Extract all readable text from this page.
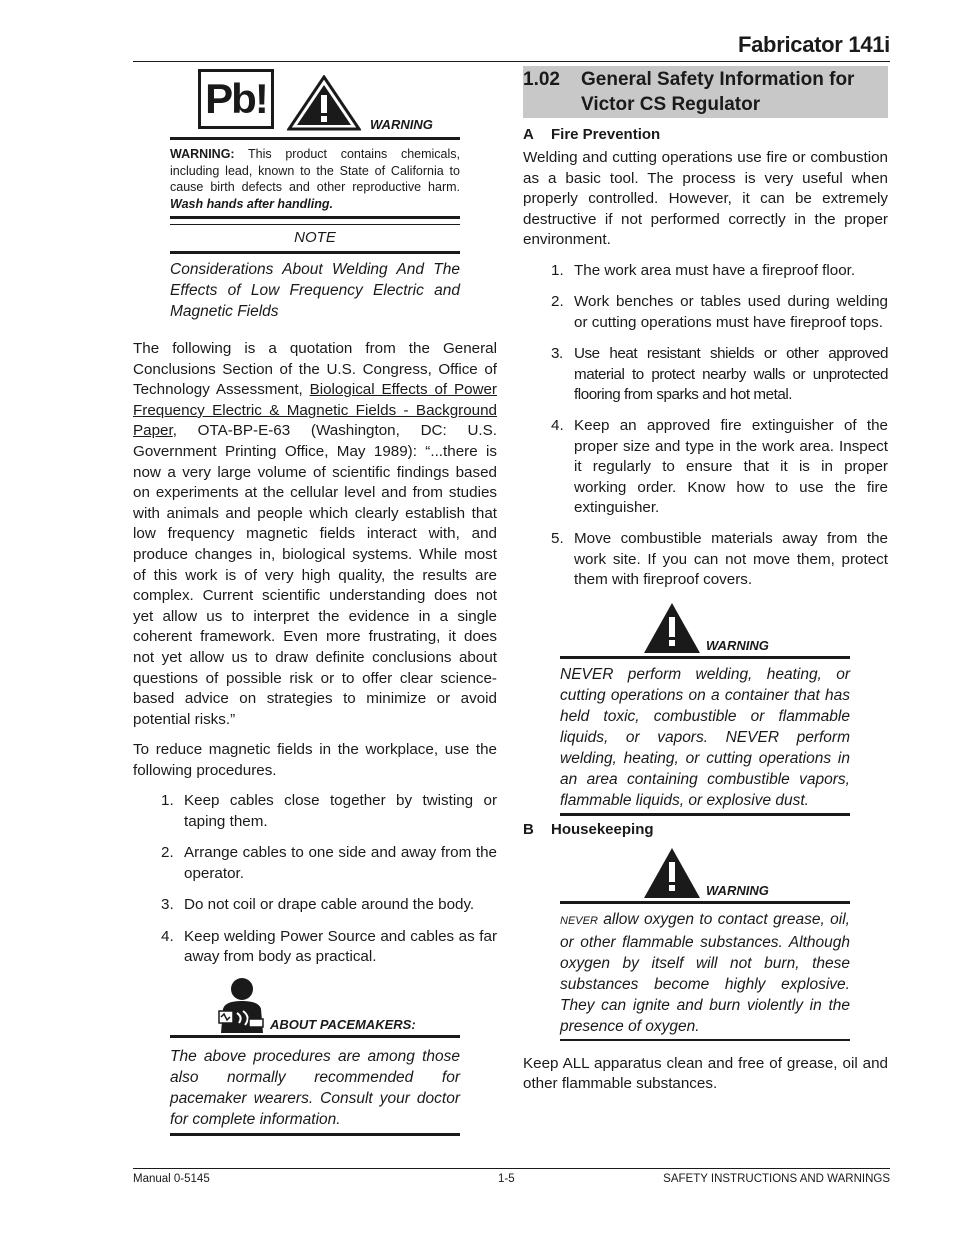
Fabricator 141i
Pb!
WARNING
WARNING: This product contains chemicals, including lead, known to the State of California to cause birth defects and other reproductive harm. Wash hands after handling.
NOTE
Considerations About Welding And The Effects of Low Frequency Electric and Magnetic Fields

The following is a quotation from the General Conclusions Section of the U.S. Congress, Office of Technology Assessment, Biological Effects of Power Frequency Electric & Magnetic Fields - Background Paper, OTA-BP-E-63 (Washington, DC: U.S. Government Printing Office, May 1989): “...there is now a very large volume of scientific findings based on experiments at the cellular level and from studies with animals and people which clearly establish that low frequency magnetic fields interact with, and produce changes in, biological systems. While most of this work is of very high quality, the results are complex. Current scientific understanding does not yet allow us to interpret the evidence in a single coherent framework. Even more frustrating, it does not yet allow us to draw definite conclusions about questions of possible risk or to offer clear science-based advice on strategies to minimize or avoid potential risks.”

To reduce magnetic fields in the workplace, use the following procedures.

1. Keep cables close together by twisting or taping them.
2. Arrange cables to one side and away from the operator.
3. Do not coil or drape cable around the body.
4. Keep welding Power Source and cables as far away from body as practical.
ABOUT PACEMAKERS:
The above procedures are among those also normally recommended for pacemaker wearers. Consult your doctor for complete information.
1.02 General Safety Information for
Victor CS Regulator
A Fire Prevention

Welding and cutting operations use fire or combustion as a basic tool. The process is very useful when properly controlled. However, it can be extremely destructive if not performed correctly in the proper environment.

1. The work area must have a fireproof floor.
2. Work benches or tables used during welding or cutting operations must have fireproof tops.
3. Use heat resistant shields or other approved material to protect nearby walls or unprotected flooring from sparks and hot metal.
4. Keep an approved fire extinguisher of the proper size and type in the work area. Inspect it regularly to ensure that it is in proper working order. Know how to use the fire extinguisher.
5. Move combustible materials away from the work site. If you can not move them, protect them with fireproof covers.
WARNING
NEVER perform welding, heating, or cutting operations on a container that has held toxic, combustible or flammable liquids, or vapors. NEVER perform welding, heating, or cutting operations in an area containing combustible vapors, flammable liquids, or explosive dust.
B Housekeeping
WARNING
NEVER allow oxygen to contact grease, oil, or other flammable substances. Although oxygen by itself will not burn, these substances become highly explosive. They can ignite and burn violently in the presence of oxygen.

Keep ALL apparatus clean and free of grease, oil and other flammable substances.

Manual 0-5145	1-5	SAFETY INSTRUCTIONS AND WARNINGS
